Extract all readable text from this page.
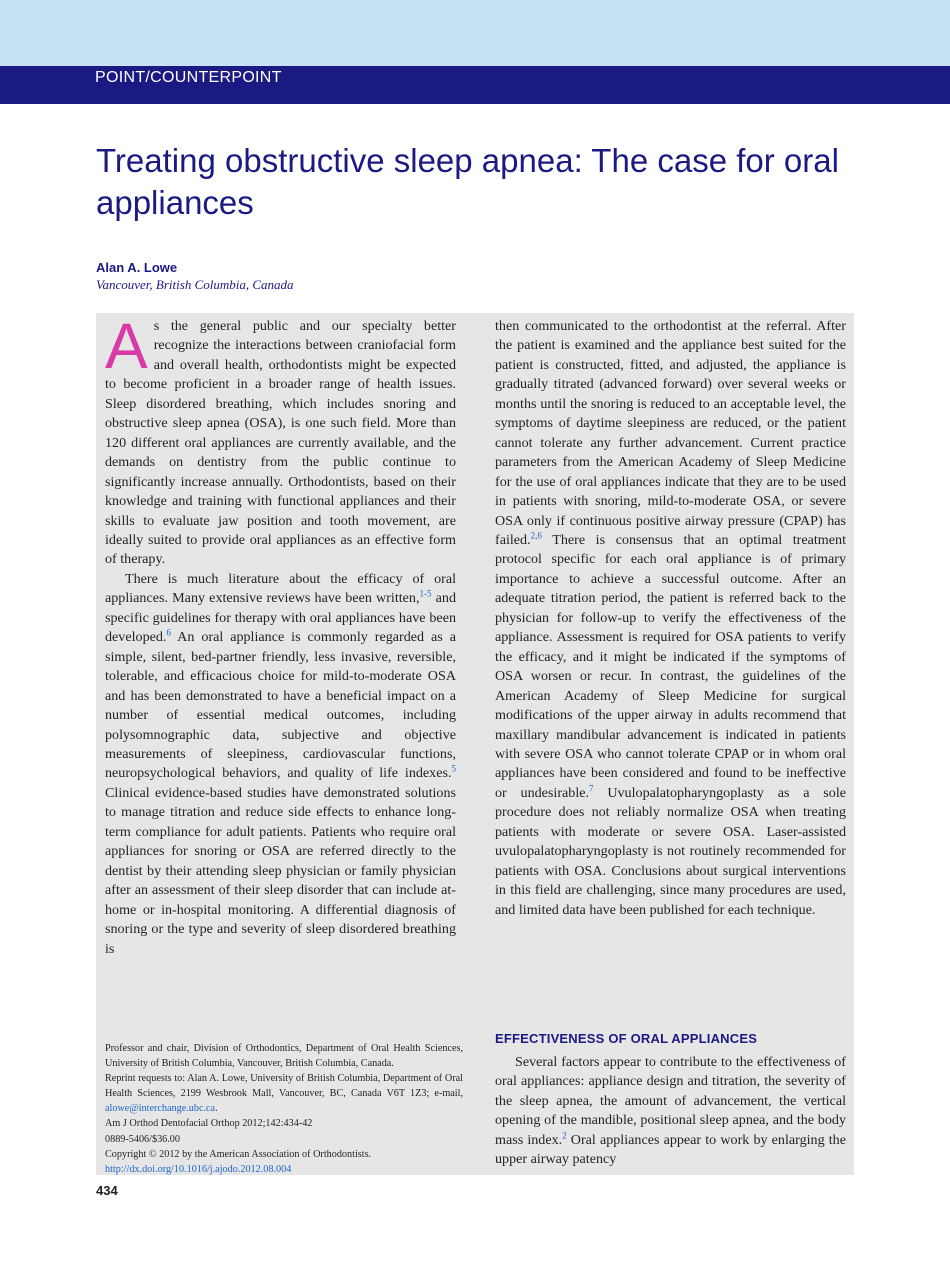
POINT/COUNTERPOINT
Treating obstructive sleep apnea: The case for oral appliances
Alan A. Lowe
Vancouver, British Columbia, Canada

As the general public and our specialty better recognize the interactions between craniofacial form and overall health, orthodontists might be expected to become proficient in a broader range of health issues. Sleep disordered breathing, which includes snoring and obstructive sleep apnea (OSA), is one such field. More than 120 different oral appliances are currently available, and the demands on dentistry from the public continue to significantly increase annually. Orthodontists, based on their knowledge and training with functional appliances and their skills to evaluate jaw position and tooth movement, are ideally suited to provide oral appliances as an effective form of therapy.

There is much literature about the efficacy of oral appliances. Many extensive reviews have been written,$^{1-5}$ and specific guidelines for therapy with oral appliances have been developed.$^6$ An oral appliance is commonly regarded as a simple, silent, bed-partner friendly, less invasive, reversible, tolerable, and efficacious choice for mild-to-moderate OSA and has been demonstrated to have a beneficial impact on a number of essential medical outcomes, including polysomnographic data, subjective and objective measurements of sleepiness, cardiovascular functions, neuropsychological behaviors, and quality of life indexes.$^5$ Clinical evidence-based studies have demonstrated solutions to manage titration and reduce side effects to enhance long-term compliance for adult patients. Patients who require oral appliances for snoring or OSA are referred directly to the dentist by their attending sleep physician or family physician after an assessment of their sleep disorder that can include at-home or in-hospital monitoring. A differential diagnosis of snoring or the type and severity of sleep disordered breathing is

then communicated to the orthodontist at the referral. After the patient is examined and the appliance best suited for the patient is constructed, fitted, and adjusted, the appliance is gradually titrated (advanced forward) over several weeks or months until the snoring is reduced to an acceptable level, the symptoms of daytime sleepiness are reduced, or the patient cannot tolerate any further advancement. Current practice parameters from the American Academy of Sleep Medicine for the use of oral appliances indicate that they are to be used in patients with snoring, mild-to-moderate OSA, or severe OSA only if continuous positive airway pressure (CPAP) has failed.$^{2,6}$ There is consensus that an optimal treatment protocol specific for each oral appliance is of primary importance to achieve a successful outcome. After an adequate titration period, the patient is referred back to the physician for follow-up to verify the effectiveness of the appliance. Assessment is required for OSA patients to verify the efficacy, and it might be indicated if the symptoms of OSA worsen or recur. In contrast, the guidelines of the American Academy of Sleep Medicine for surgical modifications of the upper airway in adults recommend that maxillary mandibular advancement is indicated in patients with severe OSA who cannot tolerate CPAP or in whom oral appliances have been considered and found to be ineffective or undesirable.$^7$ Uvulopalatopharyngoplasty as a sole procedure does not reliably normalize OSA when treating patients with moderate or severe OSA. Laser-assisted uvulopalatopharyngoplasty is not routinely recommended for patients with OSA. Conclusions about surgical interventions in this field are challenging, since many procedures are used, and limited data have been published for each technique.

EFFECTIVENESS OF ORAL APPLIANCES

Several factors appear to contribute to the effectiveness of oral appliances: appliance design and titration, the severity of the sleep apnea, the amount of advancement, the vertical opening of the mandible, positional sleep apnea, and the body mass index.$^2$ Oral appliances appear to work by enlarging the upper airway patency

Professor and chair, Division of Orthodontics, Department of Oral Health Sciences, University of British Columbia, Vancouver, British Columbia, Canada.
Reprint requests to: Alan A. Lowe, University of British Columbia, Department of Oral Health Sciences, 2199 Wesbrook Mall, Vancouver, BC, Canada V6T 1Z3; e-mail, alowe@interchange.ubc.ca.
Am J Orthod Dentofacial Orthop 2012;142:434-42
0889-5406/$36.00
Copyright © 2012 by the American Association of Orthodontists.
http://dx.doi.org/10.1016/j.ajodo.2012.08.004
434
